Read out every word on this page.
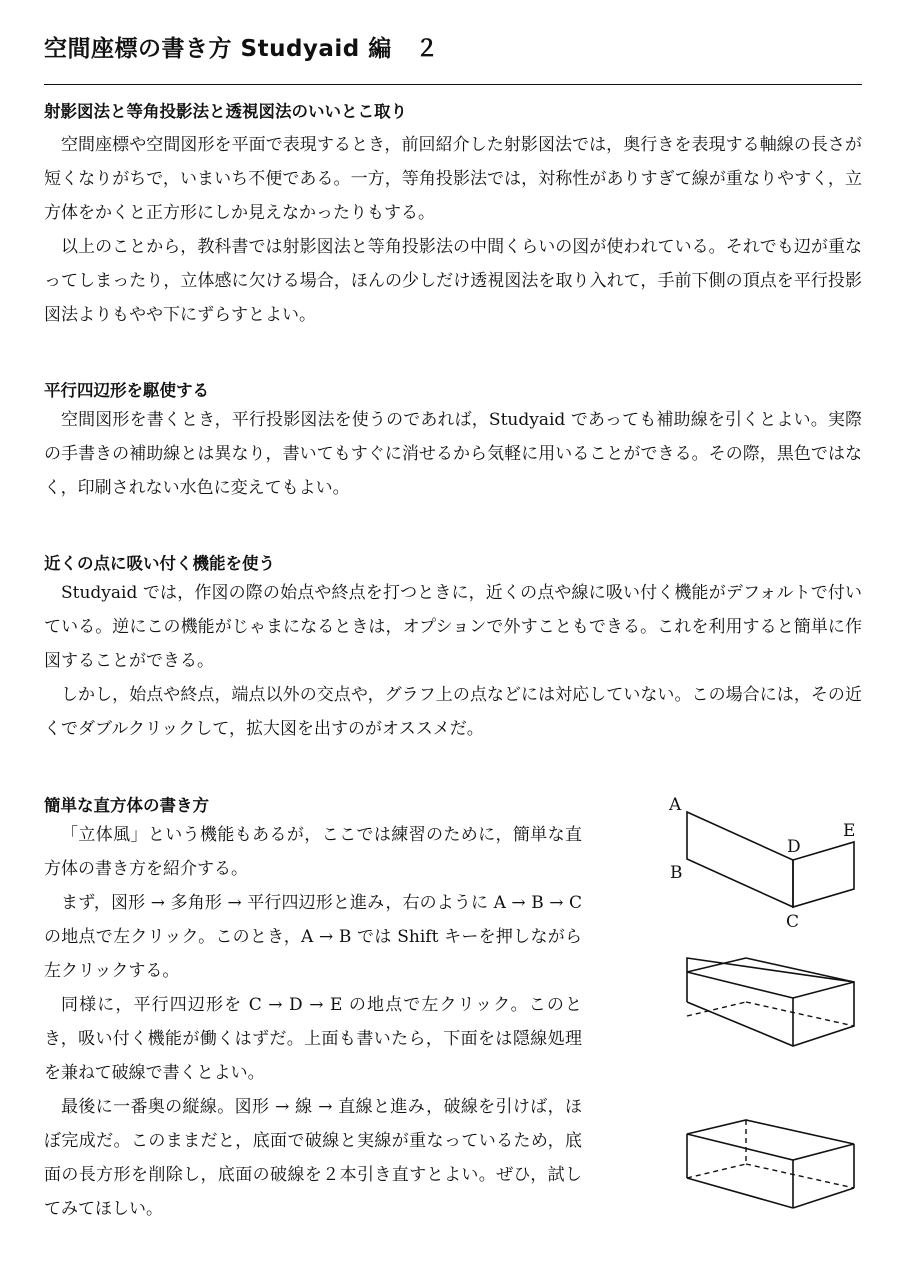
空間座標の書き方 Studyaid 編　２
射影図法と等角投影法と透視図法のいいとこ取り

空間座標や空間図形を平面で表現するとき，前回紹介した射影図法では，奥行きを表現する軸線の長さが短くなりがちで，いまいち不便である。一方，等角投影法では，対称性がありすぎて線が重なりやすく，立方体をかくと正方形にしか見えなかったりもする。

以上のことから，教科書では射影図法と等角投影法の中間くらいの図が使われている。それでも辺が重なってしまったり，立体感に欠ける場合，ほんの少しだけ透視図法を取り入れて，手前下側の頂点を平行投影図法よりもやや下にずらすとよい。

平行四辺形を駆使する

空間図形を書くとき，平行投影図法を使うのであれば，Studyaid であっても補助線を引くとよい。実際の手書きの補助線とは異なり，書いてもすぐに消せるから気軽に用いることができる。その際，黒色ではなく，印刷されない水色に変えてもよい。

近くの点に吸い付く機能を使う

Studyaid では，作図の際の始点や終点を打つときに，近くの点や線に吸い付く機能がデフォルトで付いている。逆にこの機能がじゃまになるときは，オプションで外すこともできる。これを利用すると簡単に作図することができる。

しかし，始点や終点，端点以外の交点や，グラフ上の点などには対応していない。この場合には，その近くでダブルクリックして，拡大図を出すのがオススメだ。

簡単な直方体の書き方

「立体風」という機能もあるが，ここでは練習のために，簡単な直方体の書き方を紹介する。

まず，図形 → 多角形 → 平行四辺形と進み，右のように A → B → C の地点で左クリック。このとき，A → B では Shift キーを押しながら左クリックする。

同様に，平行四辺形を C → D → E の地点で左クリック。このとき，吸い付く機能が働くはずだ。上面も書いたら，下面をは隠線処理を兼ねて破線で書くとよい。

最後に一番奥の縦線。図形 → 線 → 直線と進み，破線を引けば，ほぼ完成だ。このままだと，底面で破線と実線が重なっているため，底面の長方形を削除し，底面の破線を２本引き直すとよい。ぜひ，試してみてほしい。

A
B
C
D
E
